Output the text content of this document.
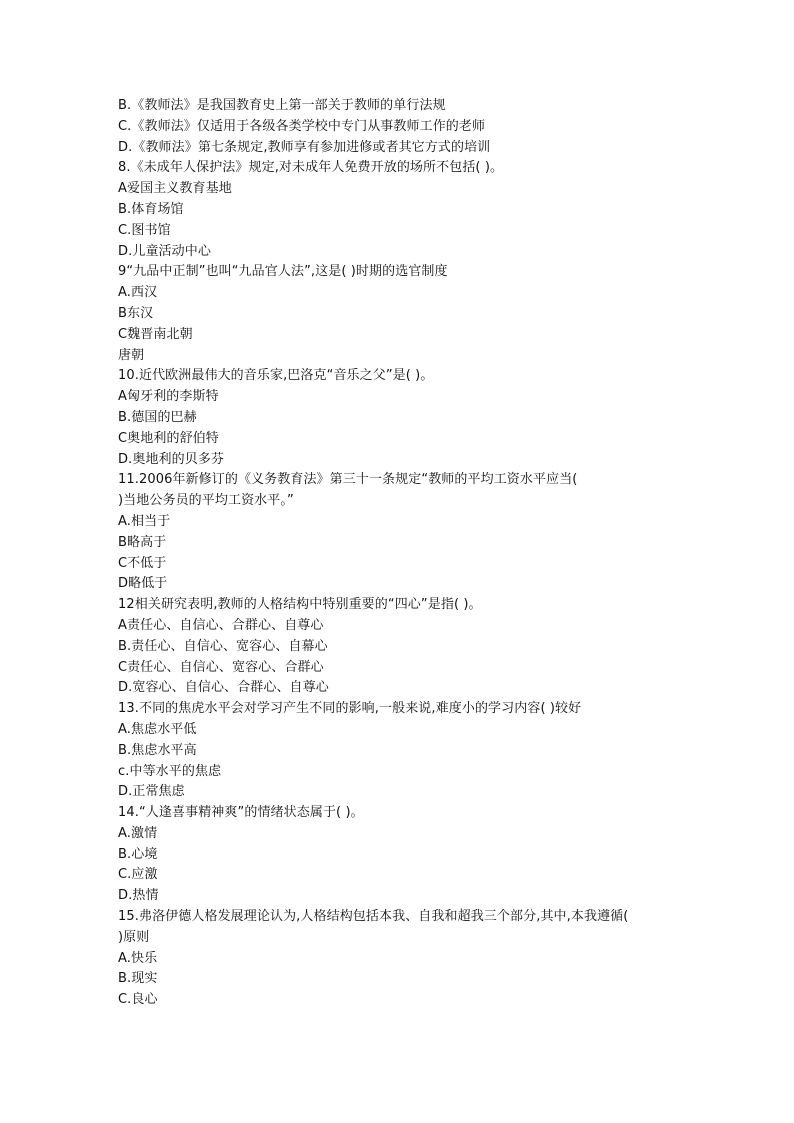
B.《教师法》是我国教育史上第一部关于教师的单行法规
C.《教师法》仅适用于各级各类学校中专门从事教师工作的老师
D.《教师法》第七条规定,教师享有参加进修或者其它方式的培训
8.《未成年人保护法》规定,对未成年人免费开放的场所不包括( )。
A爱国主义教育基地
B.体育场馆
C.图书馆
D.儿童活动中心
9“九品中正制”也叫“九品官人法”,这是( )时期的选官制度
A.西汉
B东汉
C魏晋南北朝
唐朝
10.近代欧洲最伟大的音乐家,巴洛克“音乐之父”是( )。
A匈牙利的李斯特
B.德国的巴赫
C奥地利的舒伯特
D.奥地利的贝多芬
11.2006年新修订的《义务教育法》第三十一条规定“教师的平均工资水平应当(
)当地公务员的平均工资水平。”
A.相当于
B略高于
C不低于
D略低于
12相关研究表明,教师的人格结构中特别重要的“四心”是指( )。
A责任心、自信心、合群心、自尊心
B.责任心、自信心、宽容心、自幕心
C责任心、自信心、宽容心、合群心
D.宽容心、自信心、合群心、自尊心
13.不同的焦虎水平会对学习产生不同的影响,一般来说,难度小的学习内容( )较好
A.焦虑水平低
B.焦虑水平高
c.中等水平的焦虑
D.正常焦虑
14.“人逢喜事精神爽”的情绪状态属于( )。
A.激情
B.心境
C.应激
D.热情
15.弗洛伊德人格发展理论认为,人格结构包括本我、自我和超我三个部分,其中,本我遵循(
)原则
A.快乐
B.现实
C.良心
